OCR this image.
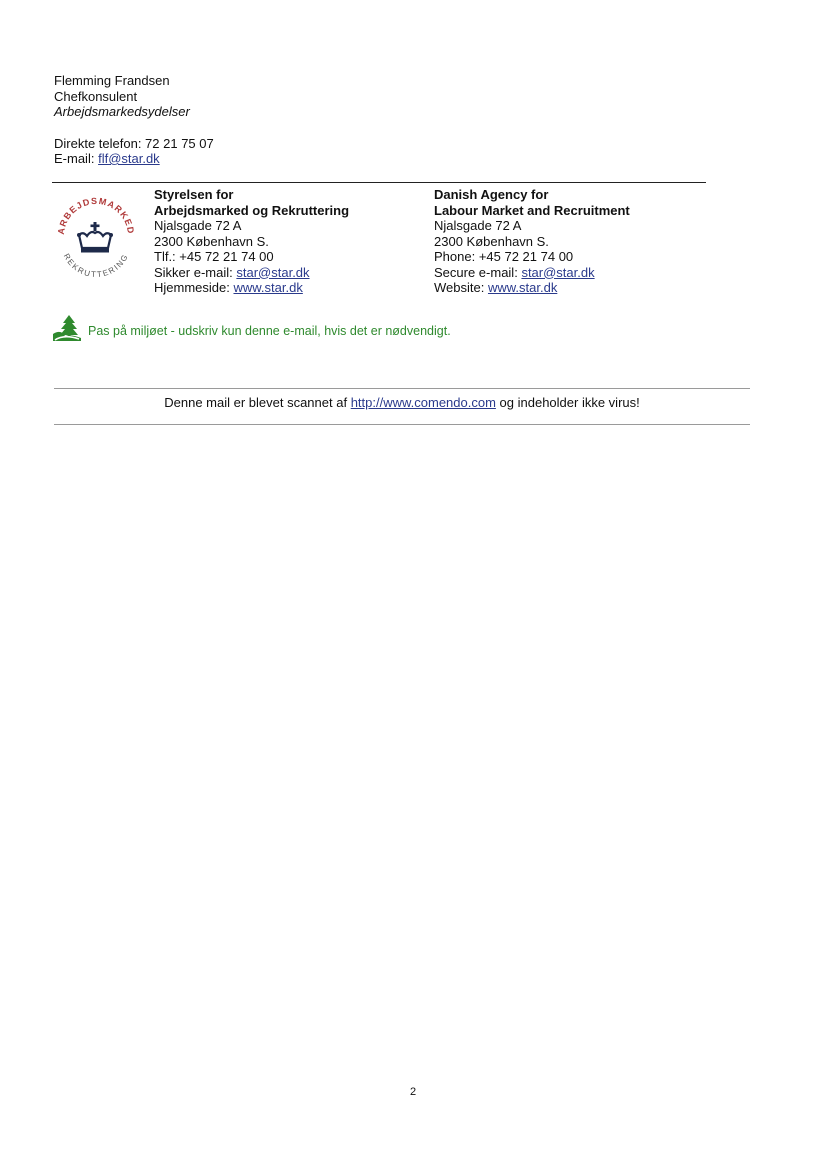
Flemming Frandsen
Chefkonsulent
Arbejdsmarkedsydelser
Direkte telefon: 72 21 75 07
E-mail: flf@star.dk
ARBEJDSMARKED
REKRUTTERING
Styrelsen for
Arbejdsmarked og Rekruttering
Njalsgade 72 A
2300 København S.
Tlf.: +45 72 21 74 00
Sikker e-mail: star@star.dk
Hjemmeside: www.star.dk
Danish Agency for
Labour Market and Recruitment
Njalsgade 72 A
2300 København S.
Phone: +45 72 21 74 00
Secure e-mail: star@star.dk
Website: www.star.dk
Pas på miljøet - udskriv kun denne e-mail, hvis det er nødvendigt.
Denne mail er blevet scannet af http://www.comendo.com og indeholder ikke virus!
2
